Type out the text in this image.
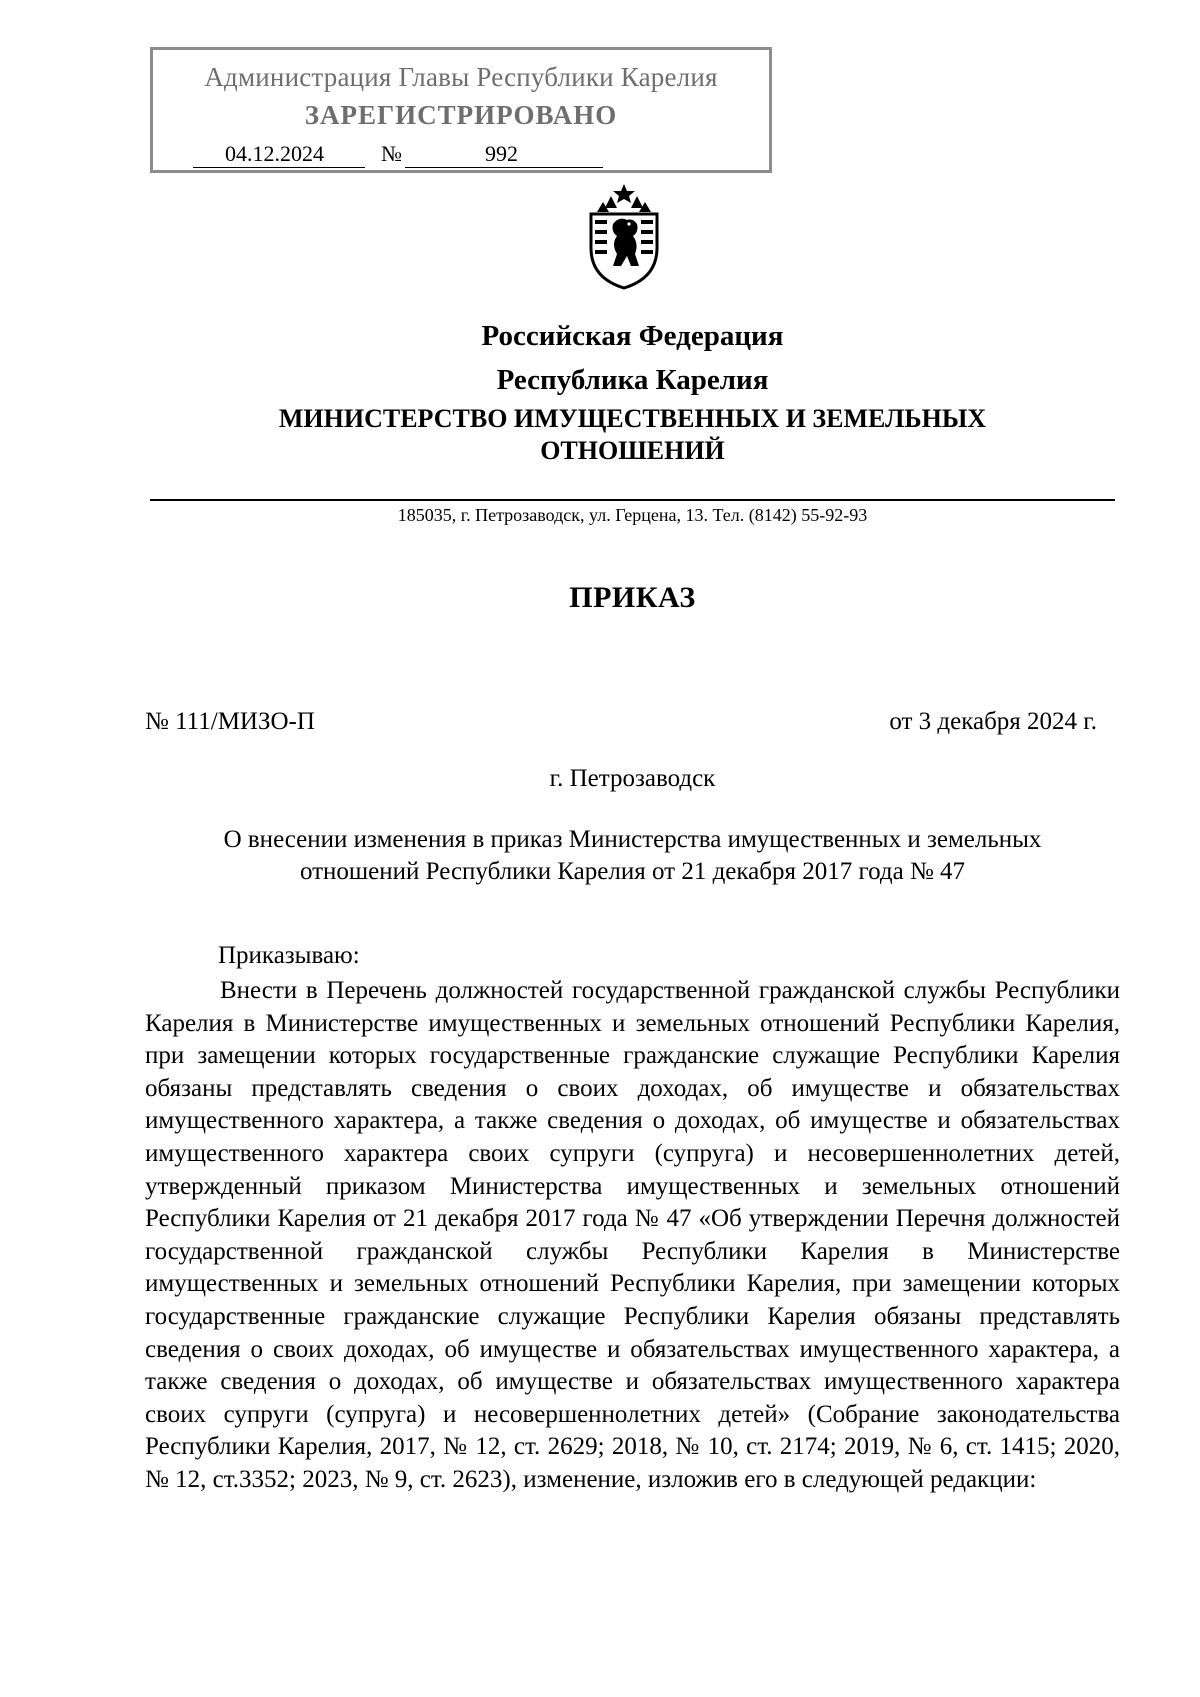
Администрация Главы Республики Карелия
ЗАРЕГИСТРИРОВАНО
04.12.2024	№	992
Российская Федерация
Республика Карелия
МИНИСТЕРСТВО ИМУЩЕСТВЕННЫХ И ЗЕМЕЛЬНЫХ
ОТНОШЕНИЙ
185035, г. Петрозаводск, ул. Герцена, 13. Тел. (8142) 55-92-93
ПРИКАЗ
№ 111/МИЗО-П	от 3 декабря 2024 г.
г. Петрозаводск
О внесении изменения в приказ Министерства имущественных и земельных
отношений Республики Карелия от 21 декабря 2017 года № 47
Приказываю:
Внести в Перечень должностей государственной гражданской службы Республики Карелия в Министерстве имущественных и земельных отношений Республики Карелия, при замещении которых государственные гражданские служащие Республики Карелия обязаны представлять сведения о своих доходах, об имуществе и обязательствах имущественного характера, а также сведения о доходах, об имуществе и обязательствах имущественного характера своих супруги (супруга) и несовершеннолетних детей, утвержденный приказом Министерства имущественных и земельных отношений Республики Карелия от 21 декабря 2017 года № 47 «Об утверждении Перечня должностей государственной гражданской службы Республики Карелия в Министерстве имущественных и земельных отношений Республики Карелия, при замещении которых государственные гражданские служащие Республики Карелия обязаны представлять сведения о своих доходах, об имуществе и обязательствах имущественного характера, а также сведения о доходах, об имуществе и обязательствах имущественного характера своих супруги (супруга) и несовершеннолетних детей» (Собрание законодательства Республики Карелия, 2017, № 12, ст. 2629; 2018, № 10, ст. 2174; 2019, № 6, ст. 1415; 2020, № 12, ст.3352; 2023, № 9, ст. 2623), изменение, изложив его в следующей редакции:
